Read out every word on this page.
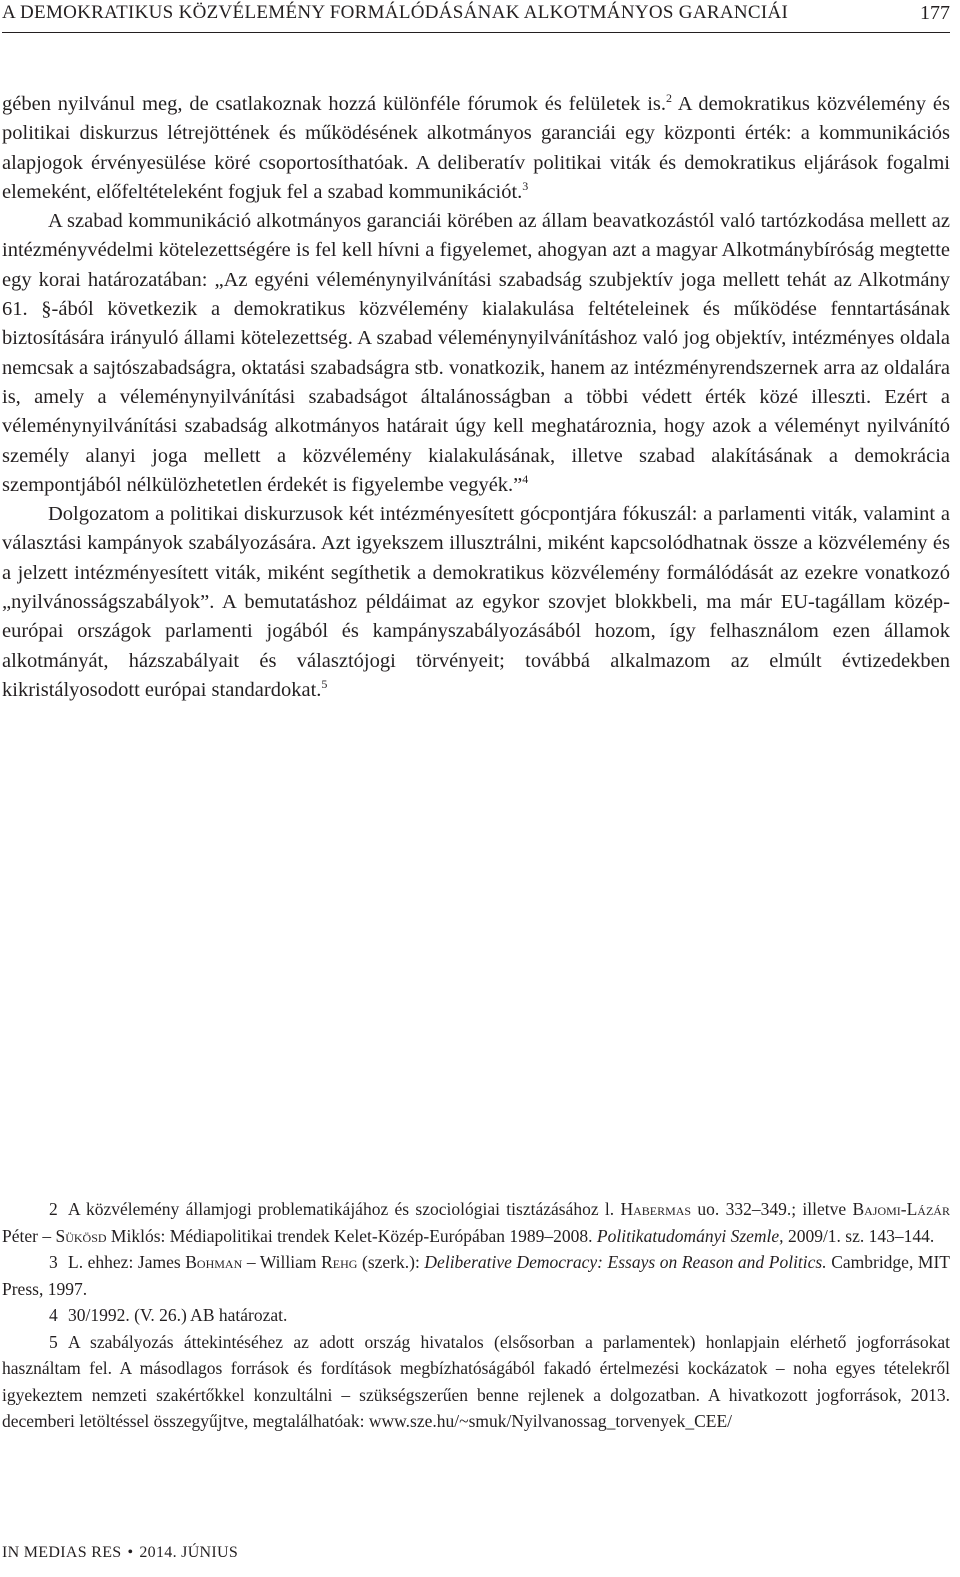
A DEMOKRATIKUS KÖZVÉLEMÉNY FORMÁLÓDÁSÁNAK ALKOTMÁNYOS GARANCIÁI	177

gében nyilvánul meg, de csatlakoznak hozzá különféle fórumok és felületek is.$^2$ A demokratikus közvélemény és politikai diskurzus létrejöttének és működésének alkotmányos garanciái egy központi érték: a kommunikációs alapjogok érvényesülése köré csoportosíthatóak. A deliberatív politikai viták és demokratikus eljárások fogalmi elemeként, előfeltételeként fogjuk fel a szabad kommunikációt.$^3$

A szabad kommunikáció alkotmányos garanciái körében az állam beavatkozástól való tartózkodása mellett az intézményvédelmi kötelezettségére is fel kell hívni a figyelemet, ahogyan azt a magyar Alkotmánybíróság megtette egy korai határozatában: „Az egyéni véleménynyilvánítási szabadság szubjektív joga mellett tehát az Alkotmány 61. §-ából következik a demokratikus közvélemény kialakulása feltételeinek és működése fenntartásának biztosítására irányuló állami kötelezettség. A szabad véleménynyilvánításhoz való jog objektív, intézményes oldala nemcsak a sajtószabadságra, oktatási szabadságra stb. vonatkozik, hanem az intézményrendszernek arra az oldalára is, amely a véleménynyilvánítási szabadságot általánosságban a többi védett érték közé illeszti. Ezért a véleménynyilvánítási szabadság alkotmányos határait úgy kell meghatároznia, hogy azok a véleményt nyilvánító személy alanyi joga mellett a közvélemény kialakulásának, illetve szabad alakításának a demokrácia szempontjából nélkülözhetetlen érdekét is figyelembe vegyék.”$^4$

Dolgozatom a politikai diskurzusok két intézményesített gócpontjára fókuszál: a parlamenti viták, valamint a választási kampányok szabályozására. Azt igyekszem illusztrálni, miként kapcsolódhatnak össze a közvélemény és a jelzett intézményesített viták, miként segíthetik a demokratikus közvélemény formálódását az ezekre vonatkozó „nyilvánosságszabályok”. A bemutatáshoz példáimat az egykor szovjet blokkbeli, ma már EU-tagállam közép-európai országok parlamenti jogából és kampányszabályozásából hozom, így felhasználom ezen államok alkotmányát, házszabályait és választójogi törvényeit; továbbá alkalmazom az elmúlt évtizedekben kikristályosodott európai standardokat.$^5$

2 A közvélemény államjogi problematikájához és szociológiai tisztázásához l. Habermas uo. 332–349.; illetve Bajomi-Lázár Péter – Sükösd Miklós: Médiapolitikai trendek Kelet-Közép-Európában 1989–2008. Politikatudományi Szemle, 2009/1. sz. 143–144.

3 L. ehhez: James Bohman – William Rehg (szerk.): Deliberative Democracy: Essays on Reason and Politics. Cambridge, MIT Press, 1997.

4 30/1992. (V. 26.) AB határozat.

5 A szabályozás áttekintéséhez az adott ország hivatalos (elsősorban a parlamentek) honlapjain elérhető jogforrásokat használtam fel. A másodlagos források és fordítások megbízhatóságából fakadó értelmezési kockázatok – noha egyes tételekről igyekeztem nemzeti szakértőkkel konzultálni – szükségszerűen benne rejlenek a dolgozatban. A hivatkozott jogforrások, 2013. decemberi letöltéssel összegyűjtve, megtalálhatóak: www.sze.hu/~smuk/Nyilvanossag_torvenyek_CEE/

IN MEDIAS RES • 2014. JÚNIUS
